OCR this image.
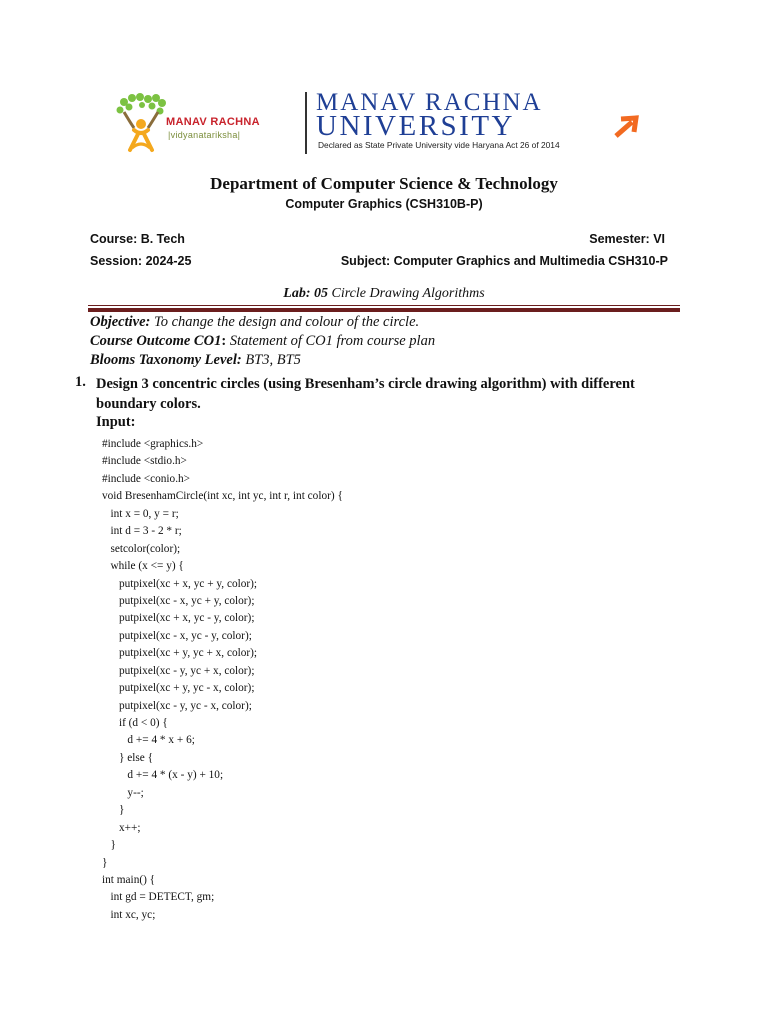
MANAV RACHNA
|vidyanatariksha|
MANAV RACHNA
UNIVERSITY
Declared as State Private University vide Haryana Act 26 of 2014
Department of Computer Science & Technology
Computer Graphics (CSH310B-P)
Course: B. Tech	Semester: VI
Session: 2024-25	Subject: Computer Graphics and Multimedia CSH310-P
Lab: 05 Circle Drawing Algorithms
Objective: To change the design and colour of the circle.
Course Outcome CO1: Statement of CO1 from course plan
Blooms Taxonomy Level: BT3, BT5
1. Design 3 concentric circles (using Bresenham’s circle drawing algorithm) with different boundary colors.
Input:
#include <graphics.h>
#include <stdio.h>
#include <conio.h>
void BresenhamCircle(int xc, int yc, int r, int color) {
int x = 0, y = r;
int d = 3 - 2 * r;
setcolor(color);
while (x <= y) {
putpixel(xc + x, yc + y, color);
putpixel(xc - x, yc + y, color);
putpixel(xc + x, yc - y, color);
putpixel(xc - x, yc - y, color);
putpixel(xc + y, yc + x, color);
putpixel(xc - y, yc + x, color);
putpixel(xc + y, yc - x, color);
putpixel(xc - y, yc - x, color);
if (d < 0) {
d += 4 * x + 6;
} else {
d += 4 * (x - y) + 10;
y--;
}
x++;
}
}
int main() {
int gd = DETECT, gm;
int xc, yc;
